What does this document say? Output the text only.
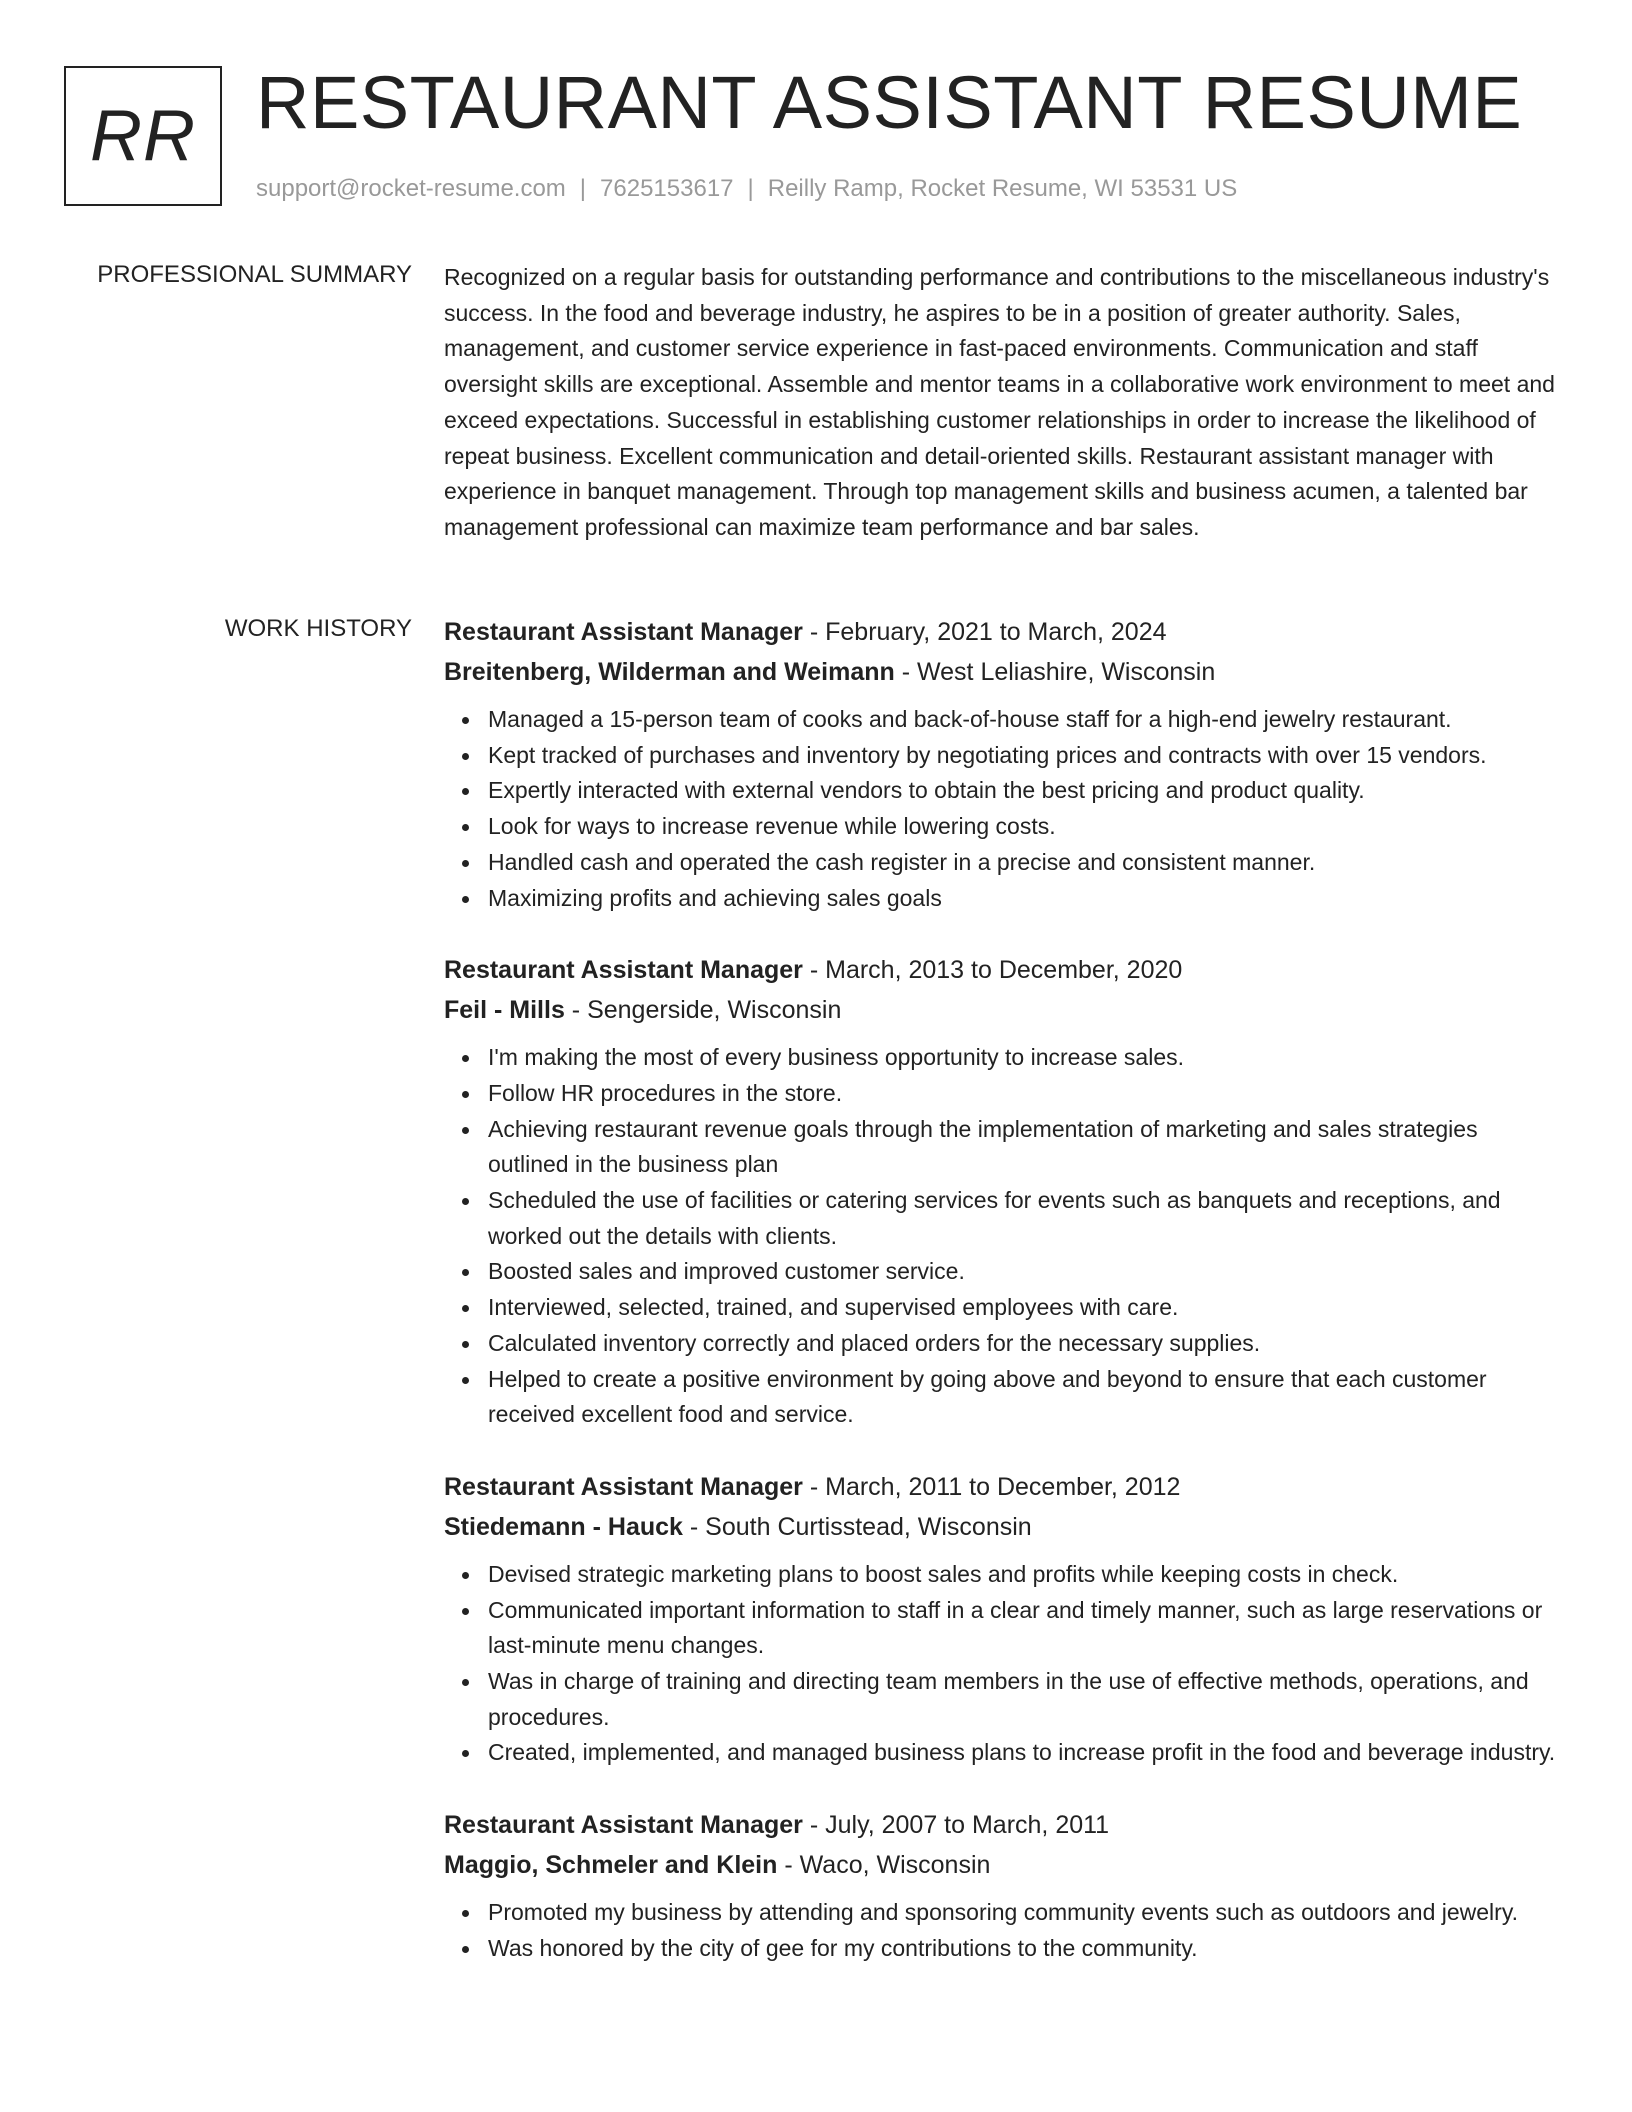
RR RESTAURANT ASSISTANT RESUME
support@rocket-resume.com | 7625153617 | Reilly Ramp, Rocket Resume, WI 53531 US
PROFESSIONAL SUMMARY Recognized on a regular basis for outstanding performance and contributions to the miscellaneous industry's success. In the food and beverage industry, he aspires to be in a position of greater authority. Sales, management, and customer service experience in fast-paced environments. Communication and staff oversight skills are exceptional. Assemble and mentor teams in a collaborative work environment to meet and exceed expectations. Successful in establishing customer relationships in order to increase the likelihood of repeat business. Excellent communication and detail-oriented skills. Restaurant assistant manager with experience in banquet management. Through top management skills and business acumen, a talented bar management professional can maximize team performance and bar sales.

WORK HISTORY Restaurant Assistant Manager - February, 2021 to March, 2024
Breitenberg, Wilderman and Weimann - West Leliashire, Wisconsin
Managed a 15-person team of cooks and back-of-house staff for a high-end jewelry restaurant.
Kept tracked of purchases and inventory by negotiating prices and contracts with over 15 vendors.
Expertly interacted with external vendors to obtain the best pricing and product quality.
Look for ways to increase revenue while lowering costs.
Handled cash and operated the cash register in a precise and consistent manner.
Maximizing profits and achieving sales goals
Restaurant Assistant Manager - March, 2013 to December, 2020
Feil - Mills - Sengerside, Wisconsin
I'm making the most of every business opportunity to increase sales.
Follow HR procedures in the store.
Achieving restaurant revenue goals through the implementation of marketing and sales strategies outlined in the business plan
Scheduled the use of facilities or catering services for events such as banquets and receptions, and worked out the details with clients.
Boosted sales and improved customer service.
Interviewed, selected, trained, and supervised employees with care.
Calculated inventory correctly and placed orders for the necessary supplies.
Helped to create a positive environment by going above and beyond to ensure that each customer received excellent food and service.
Restaurant Assistant Manager - March, 2011 to December, 2012
Stiedemann - Hauck - South Curtisstead, Wisconsin
Devised strategic marketing plans to boost sales and profits while keeping costs in check.
Communicated important information to staff in a clear and timely manner, such as large reservations or last-minute menu changes.
Was in charge of training and directing team members in the use of effective methods, operations, and procedures.
Created, implemented, and managed business plans to increase profit in the food and beverage industry.
Restaurant Assistant Manager - July, 2007 to March, 2011
Maggio, Schmeler and Klein - Waco, Wisconsin
Promoted my business by attending and sponsoring community events such as outdoors and jewelry.
Was honored by the city of gee for my contributions to the community.
